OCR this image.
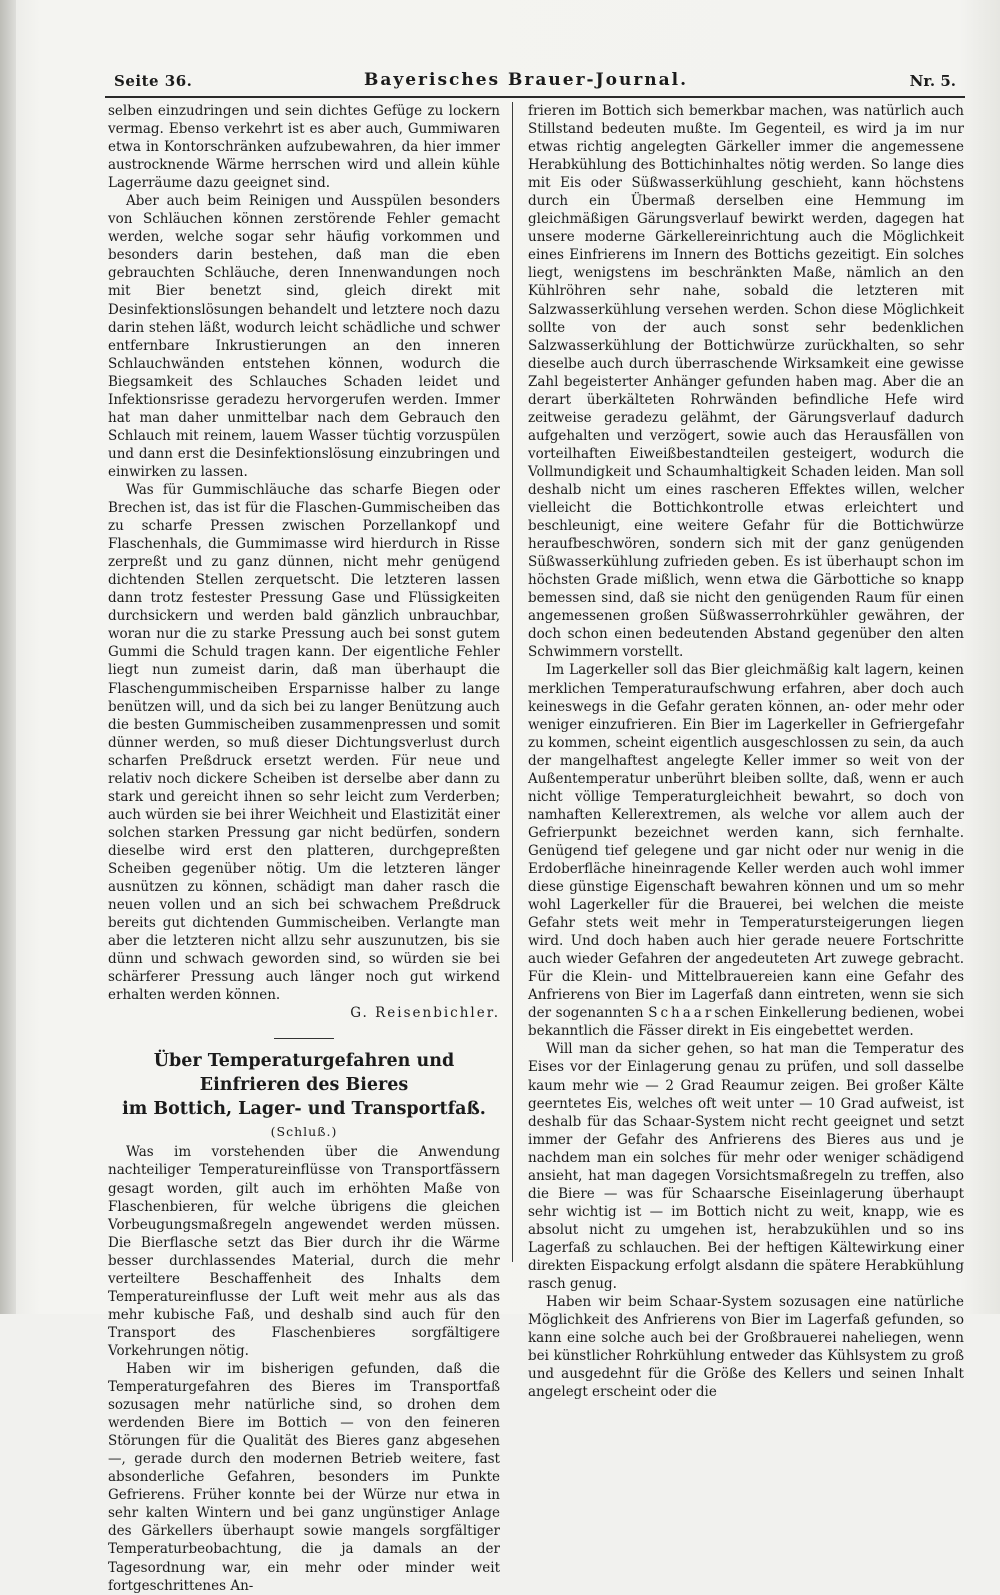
Seite 36.	Bayerisches Brauer-Journal.	Nr. 5.

selben einzudringen und sein dichtes Gefüge zu lockern vermag. Ebenso verkehrt ist es aber auch, Gummiwaren etwa in Kontorschränken aufzubewahren, da hier immer austrocknende Wärme herrschen wird und allein kühle Lagerräume dazu geeignet sind.

Aber auch beim Reinigen und Ausspülen besonders von Schläuchen können zerstörende Fehler gemacht werden, welche sogar sehr häufig vorkommen und besonders darin bestehen, daß man die eben gebrauchten Schläuche, deren Innenwandungen noch mit Bier benetzt sind, gleich direkt mit Desinfektionslösungen behandelt und letztere noch dazu darin stehen läßt, wodurch leicht schädliche und schwer entfernbare Inkrustierungen an den inneren Schlauchwänden entstehen können, wodurch die Biegsamkeit des Schlauches Schaden leidet und Infektionsrisse geradezu hervorgerufen werden. Immer hat man daher unmittelbar nach dem Gebrauch den Schlauch mit reinem, lauem Wasser tüchtig vorzuspülen und dann erst die Desinfektionslösung einzubringen und einwirken zu lassen.

Was für Gummischläuche das scharfe Biegen oder Brechen ist, das ist für die Flaschen-Gummischeiben das zu scharfe Pressen zwischen Porzellankopf und Flaschenhals, die Gummimasse wird hierdurch in Risse zerpreßt und zu ganz dünnen, nicht mehr genügend dichtenden Stellen zerquetscht. Die letzteren lassen dann trotz festester Pressung Gase und Flüssigkeiten durchsickern und werden bald gänzlich unbrauchbar, woran nur die zu starke Pressung auch bei sonst gutem Gummi die Schuld tragen kann. Der eigentliche Fehler liegt nun zumeist darin, daß man überhaupt die Flaschengummischeiben Ersparnisse halber zu lange benützen will, und da sich bei zu langer Benützung auch die besten Gummischeiben zusammenpressen und somit dünner werden, so muß dieser Dichtungsverlust durch scharfen Preßdruck ersetzt werden. Für neue und relativ noch dickere Scheiben ist derselbe aber dann zu stark und gereicht ihnen so sehr leicht zum Verderben; auch würden sie bei ihrer Weichheit und Elastizität einer solchen starken Pressung gar nicht bedürfen, sondern dieselbe wird erst den platteren, durchgepreßten Scheiben gegenüber nötig. Um die letzteren länger ausnützen zu können, schädigt man daher rasch die neuen vollen und an sich bei schwachem Preßdruck bereits gut dichtenden Gummischeiben. Verlangte man aber die letzteren nicht allzu sehr auszunutzen, bis sie dünn und schwach geworden sind, so würden sie bei schärferer Pressung auch länger noch gut wirkend erhalten werden können.

G. Reisenbichler.

Über Temperaturgefahren und Einfrieren des Bieres
im Bottich, Lager- und Transportfaß.
(Schluß.)

Was im vorstehenden über die Anwendung nachteiliger Temperatureinflüsse von Transportfässern gesagt worden, gilt auch im erhöhten Maße von Flaschenbieren, für welche übrigens die gleichen Vorbeugungsmaßregeln angewendet werden müssen. Die Bierflasche setzt das Bier durch ihr die Wärme besser durchlassendes Material, durch die mehr verteiltere Beschaffenheit des Inhalts dem Temperatureinflusse der Luft weit mehr aus als das mehr kubische Faß, und deshalb sind auch für den Transport des Flaschenbieres sorgfältigere Vorkehrungen nötig.

Haben wir im bisherigen gefunden, daß die Temperaturgefahren des Bieres im Transportfaß sozusagen mehr natürliche sind, so drohen dem werdenden Biere im Bottich — von den feineren Störungen für die Qualität des Bieres ganz abgesehen —, gerade durch den modernen Betrieb weitere, fast absonderliche Gefahren, besonders im Punkte Gefrierens. Früher konnte bei der Würze nur etwa in sehr kalten Wintern und bei ganz ungünstiger Anlage des Gärkellers überhaupt sowie mangels sorgfältiger Temperaturbeobachtung, die ja damals an der Tagesordnung war, ein mehr oder minder weit fortgeschrittenes An-

frieren im Bottich sich bemerkbar machen, was natürlich auch Stillstand bedeuten mußte. Im Gegenteil, es wird ja im nur etwas richtig angelegten Gärkeller immer die angemessene Herabkühlung des Bottichinhaltes nötig werden. So lange dies mit Eis oder Süßwasserkühlung geschieht, kann höchstens durch ein Übermaß derselben eine Hemmung im gleichmäßigen Gärungsverlauf bewirkt werden, dagegen hat unsere moderne Gärkellereinrichtung auch die Möglichkeit eines Einfrierens im Innern des Bottichs gezeitigt. Ein solches liegt, wenigstens im beschränkten Maße, nämlich an den Kühlröhren sehr nahe, sobald die letzteren mit Salzwasserkühlung versehen werden. Schon diese Möglichkeit sollte von der auch sonst sehr bedenklichen Salzwasserkühlung der Bottichwürze zurückhalten, so sehr dieselbe auch durch überraschende Wirksamkeit eine gewisse Zahl begeisterter Anhänger gefunden haben mag. Aber die an derart überkälteten Rohrwänden befindliche Hefe wird zeitweise geradezu gelähmt, der Gärungsverlauf dadurch aufgehalten und verzögert, sowie auch das Herausfällen von vorteilhaften Eiweißbestandteilen gesteigert, wodurch die Vollmundigkeit und Schaumhaltigkeit Schaden leiden. Man soll deshalb nicht um eines rascheren Effektes willen, welcher vielleicht die Bottichkontrolle etwas erleichtert und beschleunigt, eine weitere Gefahr für die Bottichwürze heraufbeschwören, sondern sich mit der ganz genügenden Süßwasserkühlung zufrieden geben. Es ist überhaupt schon im höchsten Grade mißlich, wenn etwa die Gärbottiche so knapp bemessen sind, daß sie nicht den genügenden Raum für einen angemessenen großen Süßwasserrohrkühler gewähren, der doch schon einen bedeutenden Abstand gegenüber den alten Schwimmern vorstellt.

Im Lagerkeller soll das Bier gleichmäßig kalt lagern, keinen merklichen Temperaturaufschwung erfahren, aber doch auch keineswegs in die Gefahr geraten können, an- oder mehr oder weniger einzufrieren. Ein Bier im Lagerkeller in Gefriergefahr zu kommen, scheint eigentlich ausgeschlossen zu sein, da auch der mangelhaftest angelegte Keller immer so weit von der Außentemperatur unberührt bleiben sollte, daß, wenn er auch nicht völlige Temperaturgleichheit bewahrt, so doch von namhaften Kellerextremen, als welche vor allem auch der Gefrierpunkt bezeichnet werden kann, sich fernhalte. Genügend tief gelegene und gar nicht oder nur wenig in die Erdoberfläche hineinragende Keller werden auch wohl immer diese günstige Eigenschaft bewahren können und um so mehr wohl Lagerkeller für die Brauerei, bei welchen die meiste Gefahr stets weit mehr in Temperatursteigerungen liegen wird. Und doch haben auch hier gerade neuere Fortschritte auch wieder Gefahren der angedeuteten Art zuwege gebracht. Für die Klein- und Mittelbrauereien kann eine Gefahr des Anfrierens von Bier im Lagerfaß dann eintreten, wenn sie sich der sogenannten Schaarschen Einkellerung bedienen, wobei bekanntlich die Fässer direkt in Eis eingebettet werden.

Will man da sicher gehen, so hat man die Temperatur des Eises vor der Einlagerung genau zu prüfen, und soll dasselbe kaum mehr wie — 2 Grad Reaumur zeigen. Bei großer Kälte geerntetes Eis, welches oft weit unter — 10 Grad aufweist, ist deshalb für das Schaar-System nicht recht geeignet und setzt immer der Gefahr des Anfrierens des Bieres aus und je nachdem man ein solches für mehr oder weniger schädigend ansieht, hat man dagegen Vorsichtsmaßregeln zu treffen, also die Biere — was für Schaarsche Eiseinlagerung überhaupt sehr wichtig ist — im Bottich nicht zu weit, knapp, wie es absolut nicht zu umgehen ist, herabzukühlen und so ins Lagerfaß zu schlauchen. Bei der heftigen Kältewirkung einer direkten Eispackung erfolgt alsdann die spätere Herabkühlung rasch genug.

Haben wir beim Schaar-System sozusagen eine natürliche Möglichkeit des Anfrierens von Bier im Lagerfaß gefunden, so kann eine solche auch bei der Großbrauerei naheliegen, wenn bei künstlicher Rohrkühlung entweder das Kühlsystem zu groß und ausgedehnt für die Größe des Kellers und seinen Inhalt angelegt erscheint oder die
